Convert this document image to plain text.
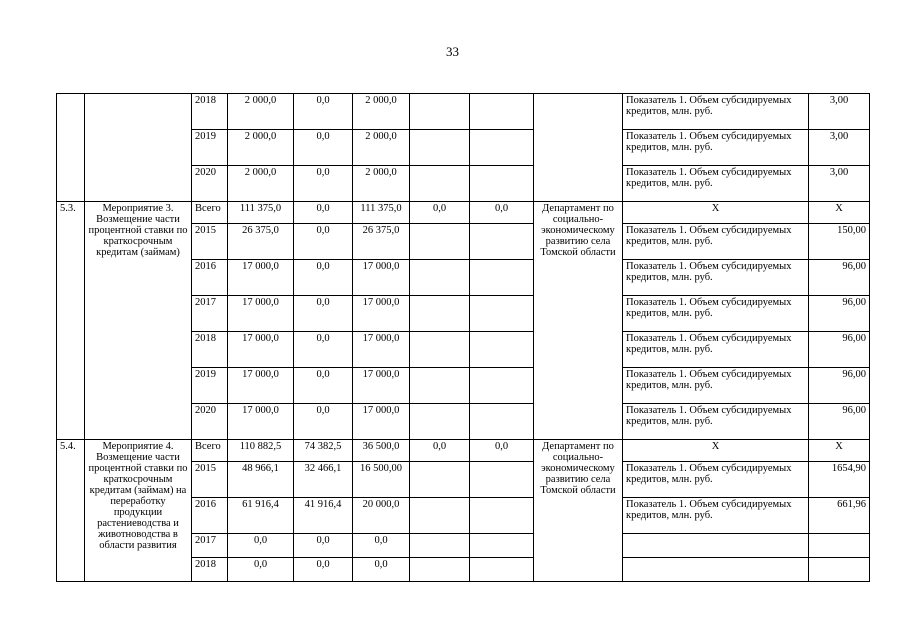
33
		2018	2 000,0	0,0	2 000,0				Показатель 1. Объем субсидируемых кредитов, млн. руб.	3,00
		2019	2 000,0	0,0	2 000,0				Показатель 1. Объем субсидируемых кредитов, млн. руб.	3,00
		2020	2 000,0	0,0	2 000,0				Показатель 1. Объем субсидируемых кредитов, млн. руб.	3,00
5.3.	Мероприятие 3. Возмещение части процентной ставки по краткосрочным кредитам (займам)	Всего	111 375,0	0,0	111 375,0	0,0	0,0	Департамент по социально-экономическому развитию села Томской области	X	X
		2015	26 375,0	0,0	26 375,0				Показатель 1. Объем субсидируемых кредитов, млн. руб.	150,00
		2016	17 000,0	0,0	17 000,0				Показатель 1. Объем субсидируемых кредитов, млн. руб.	96,00
		2017	17 000,0	0,0	17 000,0				Показатель 1. Объем субсидируемых кредитов, млн. руб.	96,00
		2018	17 000,0	0,0	17 000,0				Показатель 1. Объем субсидируемых кредитов, млн. руб.	96,00
		2019	17 000,0	0,0	17 000,0				Показатель 1. Объем субсидируемых кредитов, млн. руб.	96,00
		2020	17 000,0	0,0	17 000,0				Показатель 1. Объем субсидируемых кредитов, млн. руб.	96,00
5.4.	Мероприятие 4. Возмещение части процентной ставки по краткосрочным кредитам (займам) на переработку продукции растениеводства и животноводства в области развития	Всего	110 882,5	74 382,5	36 500,0	0,0	0,0	Департамент по социально-экономическому развитию села Томской области	X	X
		2015	48 966,1	32 466,1	16 500,00				Показатель 1. Объем субсидируемых кредитов, млн. руб.	1654,90
		2016	61 916,4	41 916,4	20 000,0				Показатель 1. Объем субсидируемых кредитов, млн. руб.	661,96
		2017	0,0	0,0	0,0					
		2018	0,0	0,0	0,0					
